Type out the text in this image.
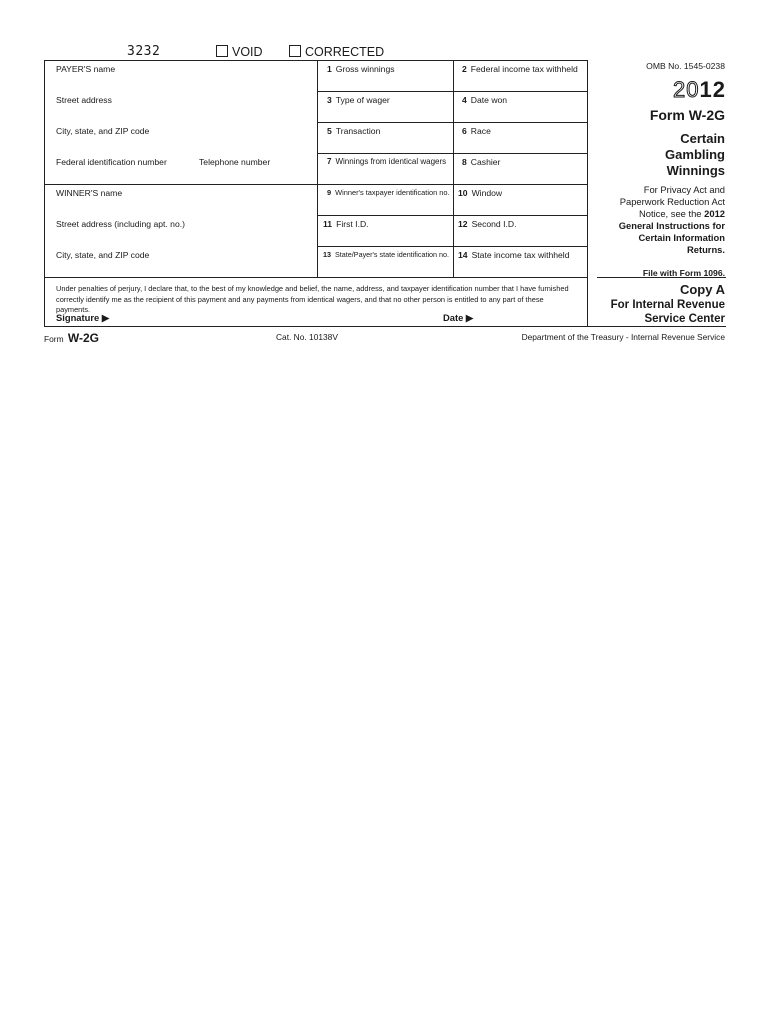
3232	VOID	CORRECTED
PAYER'S name
Street address
City, state, and ZIP code
Federal identification number	Telephone number
WINNER'S name
Street address (including apt. no.)
City, state, and ZIP code
1 Gross winnings	2 Federal income tax withheld
3 Type of wager	4 Date won
5 Transaction	6 Race
7 Winnings from identical wagers 8 Cashier
9 Winner's taxpayer identification no. 10 Window
11 First I.D.	12 Second I.D.
13 State/Payer's state identification no. 14 State income tax withheld
OMB No. 1545-0238
2012
Form W-2G
Certain
Gambling
Winnings
For Privacy Act and
Paperwork Reduction Act
Notice, see the 2012
General Instructions for
Certain Information
Returns.
File with Form 1096.
Copy A
For Internal Revenue
Service Center
Under penalties of perjury, I declare that, to the best of my knowledge and belief, the name, address, and taxpayer identification number that I have furnished correctly identify me as the recipient of this payment and any payments from identical wagers, and that no other person is entitled to any part of these payments.
Signature ▶	Date ▶
Form W-2G	Cat. No. 10138V	Department of the Treasury - Internal Revenue Service
